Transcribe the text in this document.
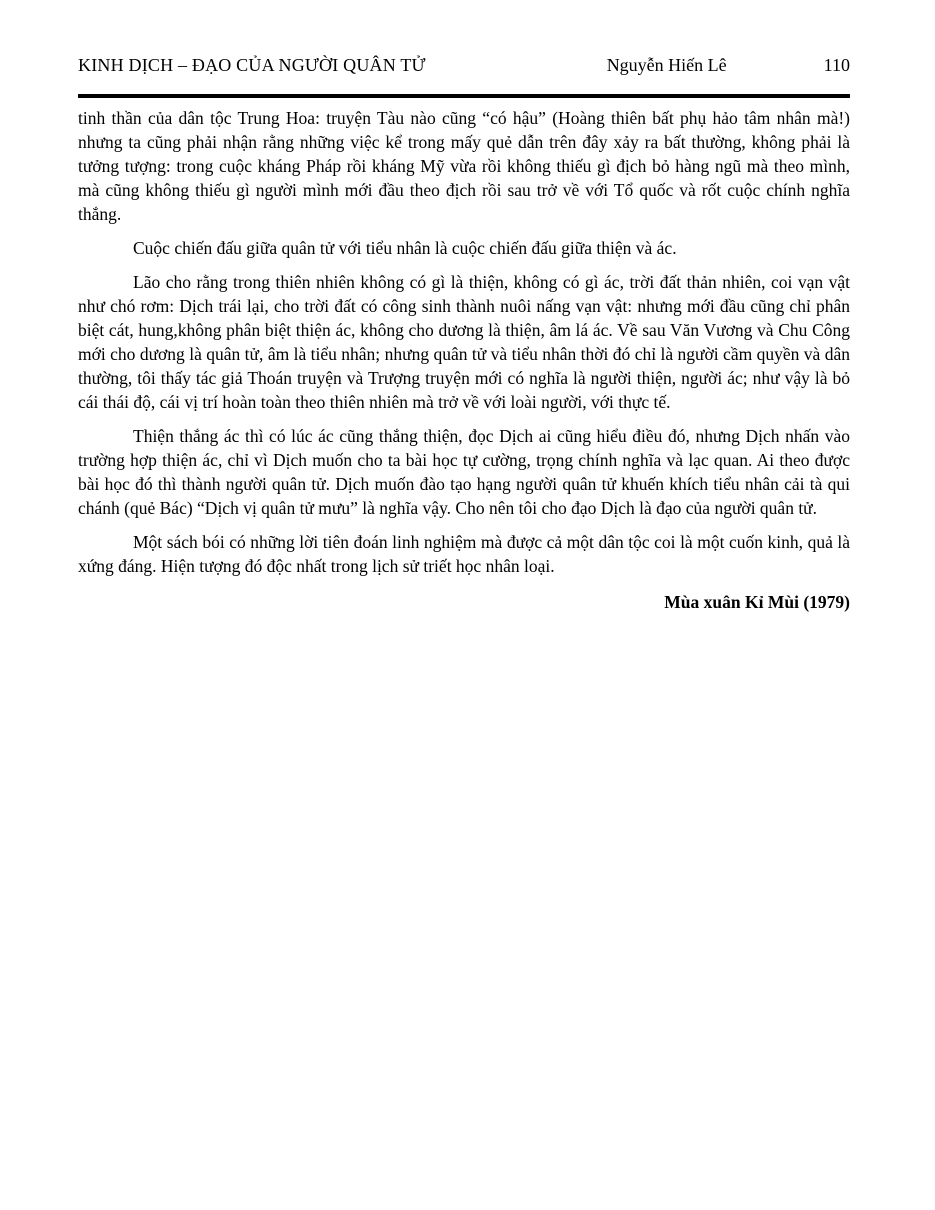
KINH DỊCH – ĐẠO CỦA NGƯỜI QUÂN TỬ	Nguyễn Hiến Lê	110

tinh thần của dân tộc Trung Hoa: truyện Tàu nào cũng “có hậu” (Hoàng thiên bất phụ hảo tâm nhân mà!) nhưng ta cũng phải nhận rằng những việc kể trong mấy quẻ dẫn trên đây xảy ra bất thường, không phải là tưởng tượng: trong cuộc kháng Pháp rồi kháng Mỹ vừa rồi không thiếu gì địch bỏ hàng ngũ mà theo mình, mà cũng không thiếu gì người mình mới đầu theo địch rồi sau trở về với Tổ quốc và rốt cuộc chính nghĩa thắng.

Cuộc chiến đấu giữa quân tử với tiểu nhân là cuộc chiến đấu giữa thiện và ác.

Lão cho rằng trong thiên nhiên không có gì là thiện, không có gì ác, trời đất thản nhiên, coi vạn vật như chó rơm: Dịch trái lại, cho trời đất có công sinh thành nuôi nấng vạn vật: nhưng mới đầu cũng chỉ phân biệt cát, hung,không phân biệt thiện ác, không cho dương là thiện, âm lá ác. Về sau Văn Vương và Chu Công mới cho dương là quân tử, âm là tiểu nhân; nhưng quân tử và tiểu nhân thời đó chỉ là người cầm quyền và dân thường, tôi thấy tác giả Thoán truyện và Trượng truyện mới có nghĩa là người thiện, người ác; như vậy là bỏ cái thái độ, cái vị trí hoàn toàn theo thiên nhiên mà trở về với loài người, với thực tế.

Thiện thắng ác thì có lúc ác cũng thắng thiện, đọc Dịch ai cũng hiểu điều đó, nhưng Dịch nhấn vào trường hợp thiện ác, chỉ vì Dịch muốn cho ta bài học tự cường, trọng chính nghĩa và lạc quan. Ai theo được bài học đó thì thành người quân tử. Dịch muốn đào tạo hạng người quân tử khuến khích tiểu nhân cải tà qui chánh (quẻ Bác) “Dịch vị quân tử mưu” là nghĩa vậy. Cho nên tôi cho đạo Dịch là đạo của người quân tử.

Một sách bói có những lời tiên đoán linh nghiệm mà được cả một dân tộc coi là một cuốn kinh, quả là xứng đáng. Hiện tượng đó độc nhất trong lịch sử triết học nhân loại.

Mùa xuân Kỉ Mùi (1979)
